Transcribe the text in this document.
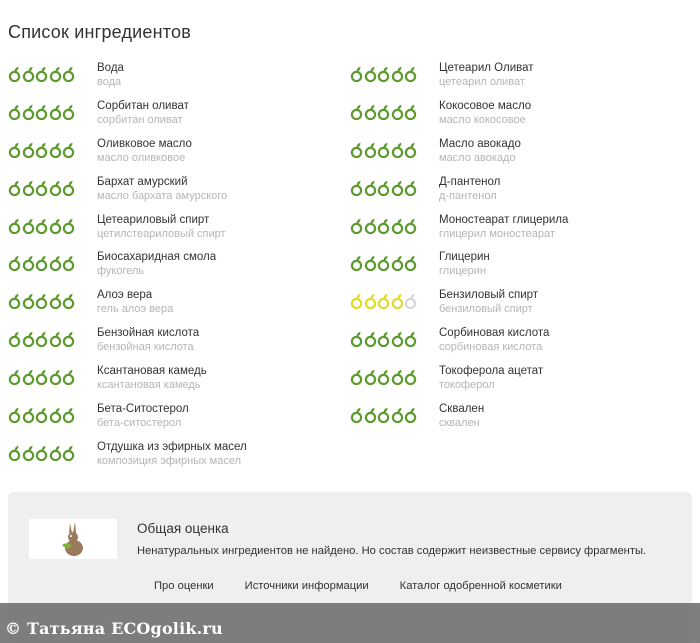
Список ингредиентов
Вода
вода
Сорбитан оливат
сорбитан оливат
Оливковое масло
масло оливковое
Бархат амурский
масло бархата амурского
Цетеариловый спирт
цетилстеариловый спирт
Биосахаридная смола
фукогель
Алоэ вера
гель алоэ вера
Бензойная кислота
бензойная кислота
Ксантановая камедь
ксантановая камедь
Бета-Ситостерол
бета-ситостерол
Отдушка из эфирных масел
композиция эфирных масел
Цетеарил Оливат
цетеарил оливат
Кокосовое масло
масло кокосовое
Масло авокадо
масло авокадо
Д-пантенол
д-пантенол
Моностеарат глицерила
глицерил моностеарат
Глицерин
глицерин
Бензиловый спирт
бензиловый спирт
Сорбиновая кислота
сорбиновая кислота
Токоферола ацетат
токоферол
Сквален
сквален
Общая оценка
Ненатуральных ингредиентов не найдено. Но состав содержит неизвестные сервису фрагменты.
Про оценки	Источники информации	Каталог одобренной косметики
© Татьяна ECOgolik.ru
